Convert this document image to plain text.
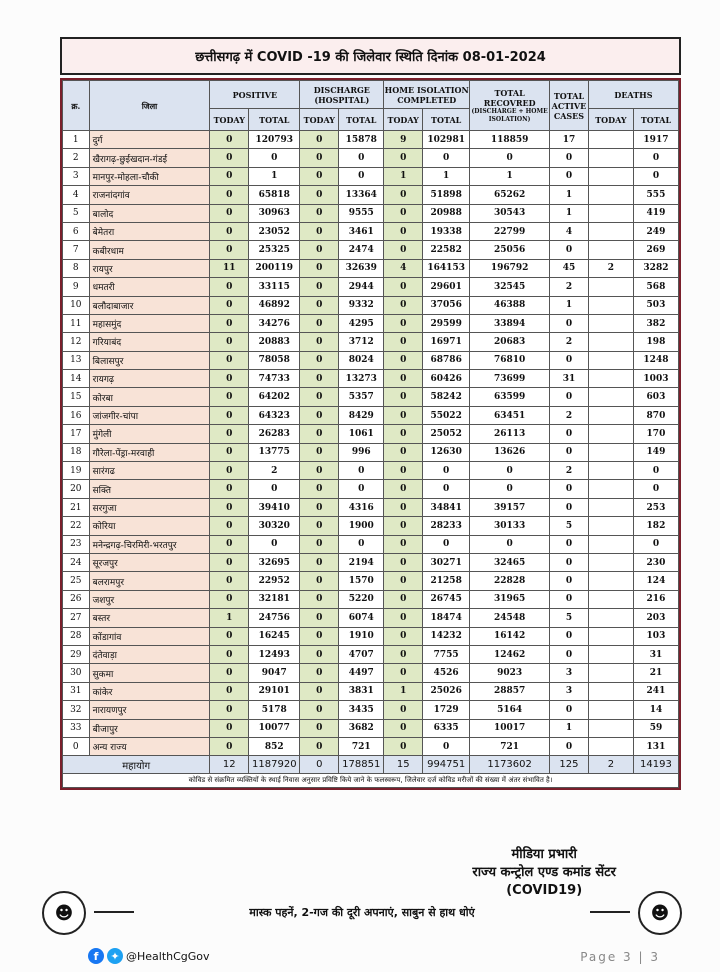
छत्तीसगढ़ में COVID -19 की जिलेवार स्थिति दिनांक 08-01-2024
क्र.	जिला	POSITIVE		DISCHARGE (HOSPITAL)		HOME ISOLATION COMPLETED		TOTAL RECOVRED
(DISCHARGE + HOME ISOLATION)	TOTAL ACTIVE CASES	DEATHS	
		TODAY	TOTAL	TODAY	TOTAL	TODAY	TOTAL			TODAY	TOTAL
1	दुर्ग	0	120793	0	15878	9	102981	118859	17		1917
2	खैरागढ़-छुईखदान-गंडई	0	0	0	0	0	0	0	0		0
3	मानपुर-मोहला-चौकी	0	1	0	0	1	1	1	0		0
4	राजनांदगांव	0	65818	0	13364	0	51898	65262	1		555
5	बालोद	0	30963	0	9555	0	20988	30543	1		419
6	बेमेतरा	0	23052	0	3461	0	19338	22799	4		249
7	कबीरधाम	0	25325	0	2474	0	22582	25056	0		269
8	रायपुर	11	200119	0	32639	4	164153	196792	45	2	3282
9	धमतरी	0	33115	0	2944	0	29601	32545	2		568
10	बलौदाबाजार	0	46892	0	9332	0	37056	46388	1		503
11	महासमुंद	0	34276	0	4295	0	29599	33894	0		382
12	गरियाबंद	0	20883	0	3712	0	16971	20683	2		198
13	बिलासपुर	0	78058	0	8024	0	68786	76810	0		1248
14	रायगढ़	0	74733	0	13273	0	60426	73699	31		1003
15	कोरबा	0	64202	0	5357	0	58242	63599	0		603
16	जांजगीर-चांपा	0	64323	0	8429	0	55022	63451	2		870
17	मुंगेली	0	26283	0	1061	0	25052	26113	0		170
18	गौरेला-पेंड्रा-मरवाही	0	13775	0	996	0	12630	13626	0		149
19	सारंगढ	0	2	0	0	0	0	0	2		0
20	सक्ति	0	0	0	0	0	0	0	0		0
21	सरगुजा	0	39410	0	4316	0	34841	39157	0		253
22	कोरिया	0	30320	0	1900	0	28233	30133	5		182
23	मनेन्द्रगढ़-चिरमिरी-भरतपुर	0	0	0	0	0	0	0	0		0
24	सूरजपुर	0	32695	0	2194	0	30271	32465	0		230
25	बलरामपुर	0	22952	0	1570	0	21258	22828	0		124
26	जशपुर	0	32181	0	5220	0	26745	31965	0		216
27	बस्तर	1	24756	0	6074	0	18474	24548	5		203
28	कोंडागांव	0	16245	0	1910	0	14232	16142	0		103
29	दंतेवाड़ा	0	12493	0	4707	0	7755	12462	0		31
30	सुकमा	0	9047	0	4497	0	4526	9023	3		21
31	कांकेर	0	29101	0	3831	1	25026	28857	3		241
32	नारायणपुर	0	5178	0	3435	0	1729	5164	0		14
33	बीजापुर	0	10077	0	3682	0	6335	10017	1		59
0	अन्य राज्य	0	852	0	721	0	0	721	0		131
महायोग		12	1187920	0	178851	15	994751	1173602	125	2	14193
कोविड से संक्रमित व्यक्तियों के स्थाई निवास अनुसार प्रविष्टि किये जाने के फलस्वरूप, जिलेवार दर्ज कोविड मरीजों की संख्या में अंतर संभावित है।											
मीडिया प्रभारी
राज्य कन्ट्रोल एण्ड कमांड सेंटर
(COVID19)
☻	मास्क पहनें, 2-गज की दूरी अपनाएं, साबुन से हाथ धोएं	☻
f	✦ @HealthCgGov	Page 3 | 3
